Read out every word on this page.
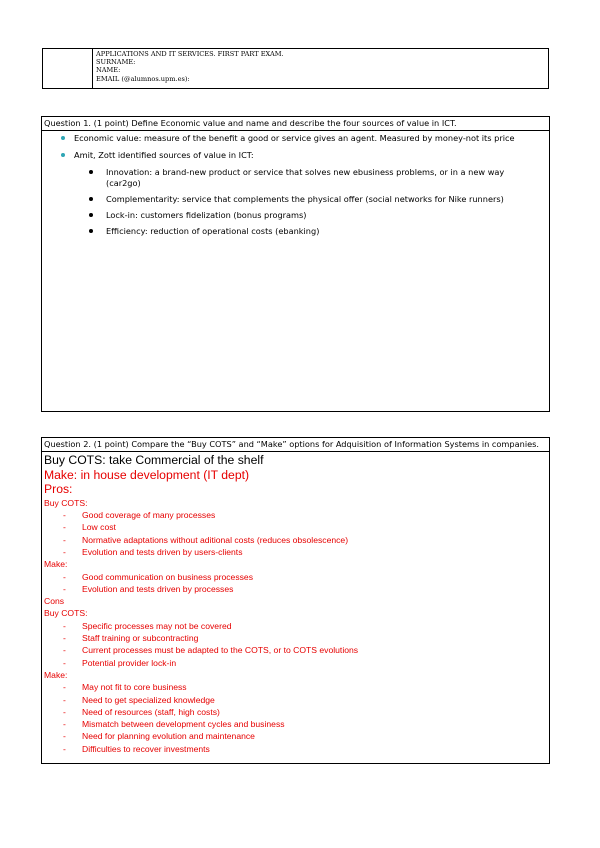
APPLICATIONS AND IT SERVICES. FIRST PART EXAM.
SURNAME:
NAME:
EMAIL (@alumnos.upm.es):
Question 1. (1 point) Define Economic value and name and describe the four sources of value in ICT.
Economic value: measure of the benefit a good or service gives an agent. Measured by money-not its price
Amit, Zott identified sources of value in ICT:
Innovation: a brand-new product or service that solves new ebusiness problems, or in a new way (car2go)
Complementarity: service that complements the physical offer (social networks for Nike runners)
Lock-in: customers fidelization (bonus programs)
Efficiency: reduction of operational costs (ebanking)
Question 2. (1 point) Compare the “Buy COTS” and “Make” options for Adquisition of Information Systems in companies.
Buy COTS: take Commercial of the shelf
Make: in house development (IT dept)
Pros:
Buy COTS:
- Good coverage of many processes
- Low cost
- Normative adaptations without aditional costs (reduces obsolescence)
- Evolution and tests driven by users-clients
Make:
- Good communication on business processes
- Evolution and tests driven by processes
Cons
Buy COTS:
- Specific processes may not be covered
- Staff training or subcontracting
- Current processes must be adapted to the COTS, or to COTS evolutions
- Potential provider lock-in
Make:
- May not fit to core business
- Need to get specialized knowledge
- Need of resources (staff, high costs)
- Mismatch between development cycles and business
- Need for planning evolution and maintenance
- Difficulties to recover investments
